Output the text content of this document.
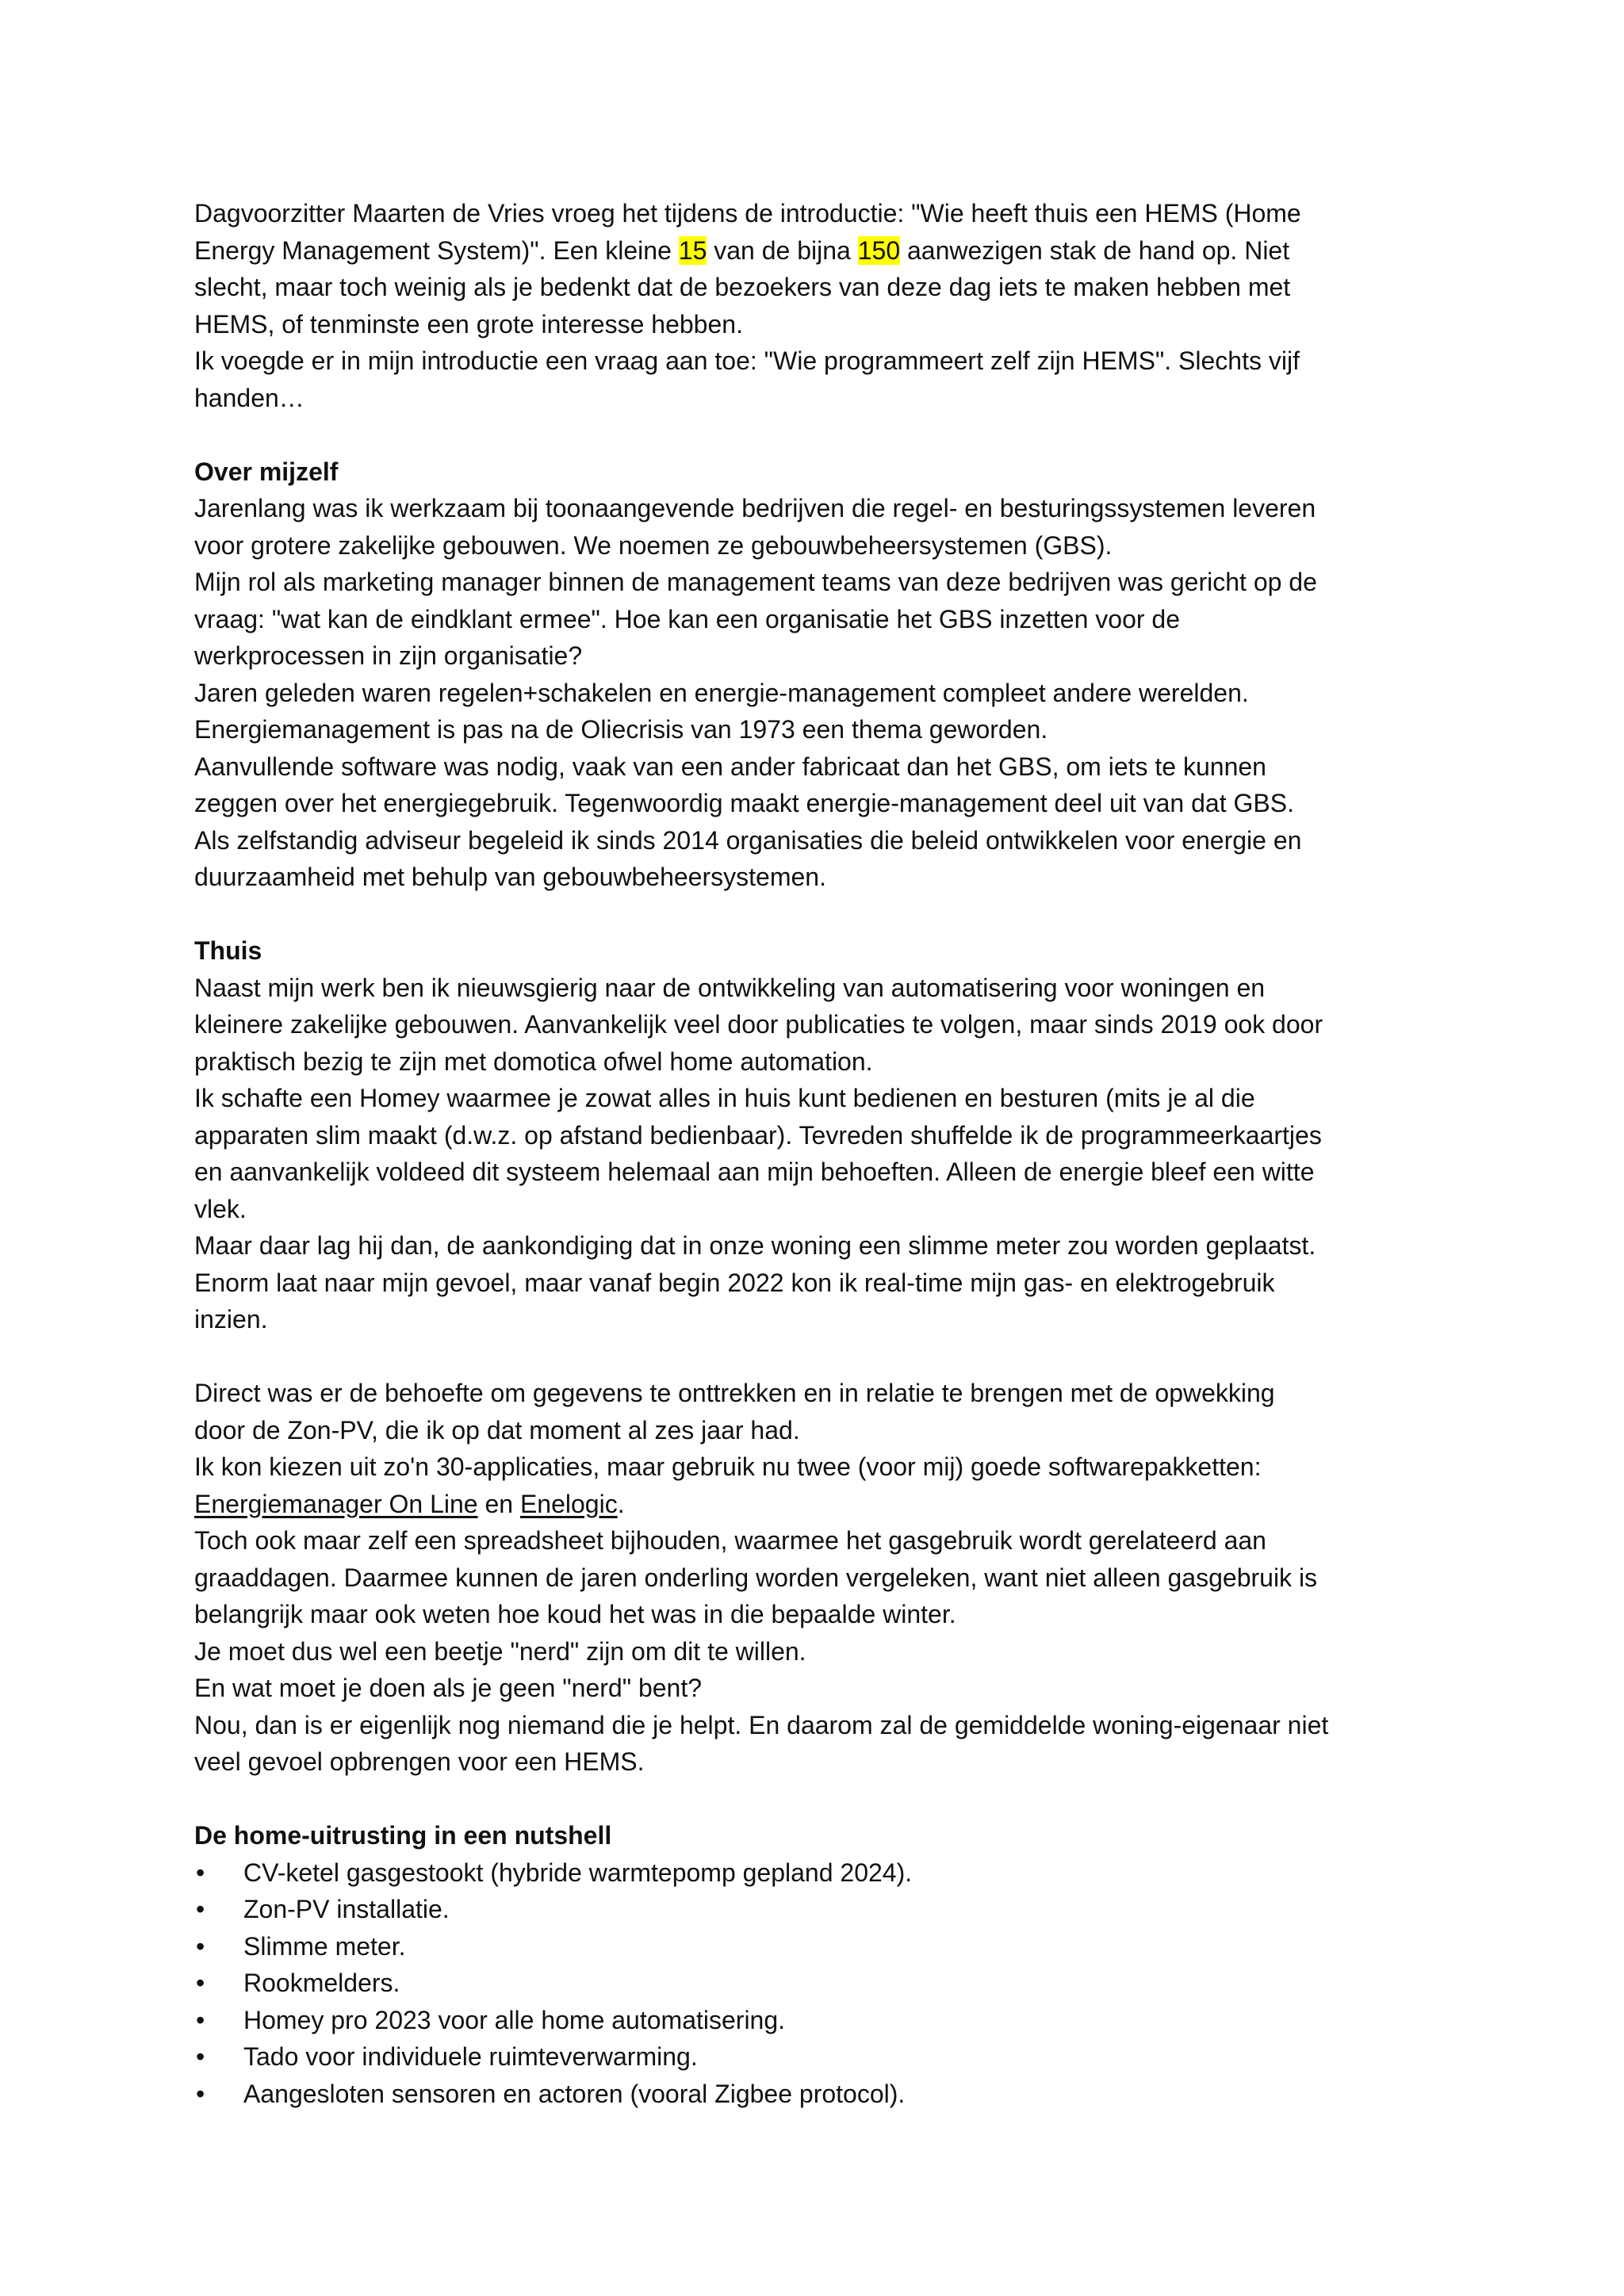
Dagvoorzitter Maarten de Vries vroeg het tijdens de introductie: "Wie heeft thuis een HEMS (Home
Energy Management System)". Een kleine 15 van de bijna 150 aanwezigen stak de hand op. Niet
slecht, maar toch weinig als je bedenkt dat de bezoekers van deze dag iets te maken hebben met
HEMS, of tenminste een grote interesse hebben.
Ik voegde er in mijn introductie een vraag aan toe: "Wie programmeert zelf zijn HEMS". Slechts vijf
handen…
Over mijzelf
Jarenlang was ik werkzaam bij toonaangevende bedrijven die regel- en besturingssystemen leveren
voor grotere zakelijke gebouwen. We noemen ze gebouwbeheersystemen (GBS).
Mijn rol als marketing manager binnen de management teams van deze bedrijven was gericht op de
vraag: "wat kan de eindklant ermee". Hoe kan een organisatie het GBS inzetten voor de
werkprocessen in zijn organisatie?
Jaren geleden waren regelen+schakelen en energie-management compleet andere werelden.
Energiemanagement is pas na de Oliecrisis van 1973 een thema geworden.
Aanvullende software was nodig, vaak van een ander fabricaat dan het GBS, om iets te kunnen
zeggen over het energiegebruik. Tegenwoordig maakt energie-management deel uit van dat GBS.
Als zelfstandig adviseur begeleid ik sinds 2014 organisaties die beleid ontwikkelen voor energie en
duurzaamheid met behulp van gebouwbeheersystemen.
Thuis
Naast mijn werk ben ik nieuwsgierig naar de ontwikkeling van automatisering voor woningen en
kleinere zakelijke gebouwen. Aanvankelijk veel door publicaties te volgen, maar sinds 2019 ook door
praktisch bezig te zijn met domotica ofwel home automation.
Ik schafte een Homey waarmee je zowat alles in huis kunt bedienen en besturen (mits je al die
apparaten slim maakt (d.w.z. op afstand bedienbaar). Tevreden shuffelde ik de programmeerkaartjes
en aanvankelijk voldeed dit systeem helemaal aan mijn behoeften. Alleen de energie bleef een witte
vlek.
Maar daar lag hij dan, de aankondiging dat in onze woning een slimme meter zou worden geplaatst.
Enorm laat naar mijn gevoel, maar vanaf begin 2022 kon ik real-time mijn gas- en elektrogebruik
inzien.
Direct was er de behoefte om gegevens te onttrekken en in relatie te brengen met de opwekking
door de Zon-PV, die ik op dat moment al zes jaar had.
Ik kon kiezen uit zo'n 30-applicaties, maar gebruik nu twee (voor mij) goede softwarepakketten:
Energiemanager On Line en Enelogic.
Toch ook maar zelf een spreadsheet bijhouden, waarmee het gasgebruik wordt gerelateerd aan
graaddagen. Daarmee kunnen de jaren onderling worden vergeleken, want niet alleen gasgebruik is
belangrijk maar ook weten hoe koud het was in die bepaalde winter.
Je moet dus wel een beetje "nerd" zijn om dit te willen.
En wat moet je doen als je geen "nerd" bent?
Nou, dan is er eigenlijk nog niemand die je helpt. En daarom zal de gemiddelde woning-eigenaar niet
veel gevoel opbrengen voor een HEMS.
De home-uitrusting in een nutshell
• CV-ketel gasgestookt (hybride warmtepomp gepland 2024).
• Zon-PV installatie.
• Slimme meter.
• Rookmelders.
• Homey pro 2023 voor alle home automatisering.
• Tado voor individuele ruimteverwarming.
• Aangesloten sensoren en actoren (vooral Zigbee protocol).
